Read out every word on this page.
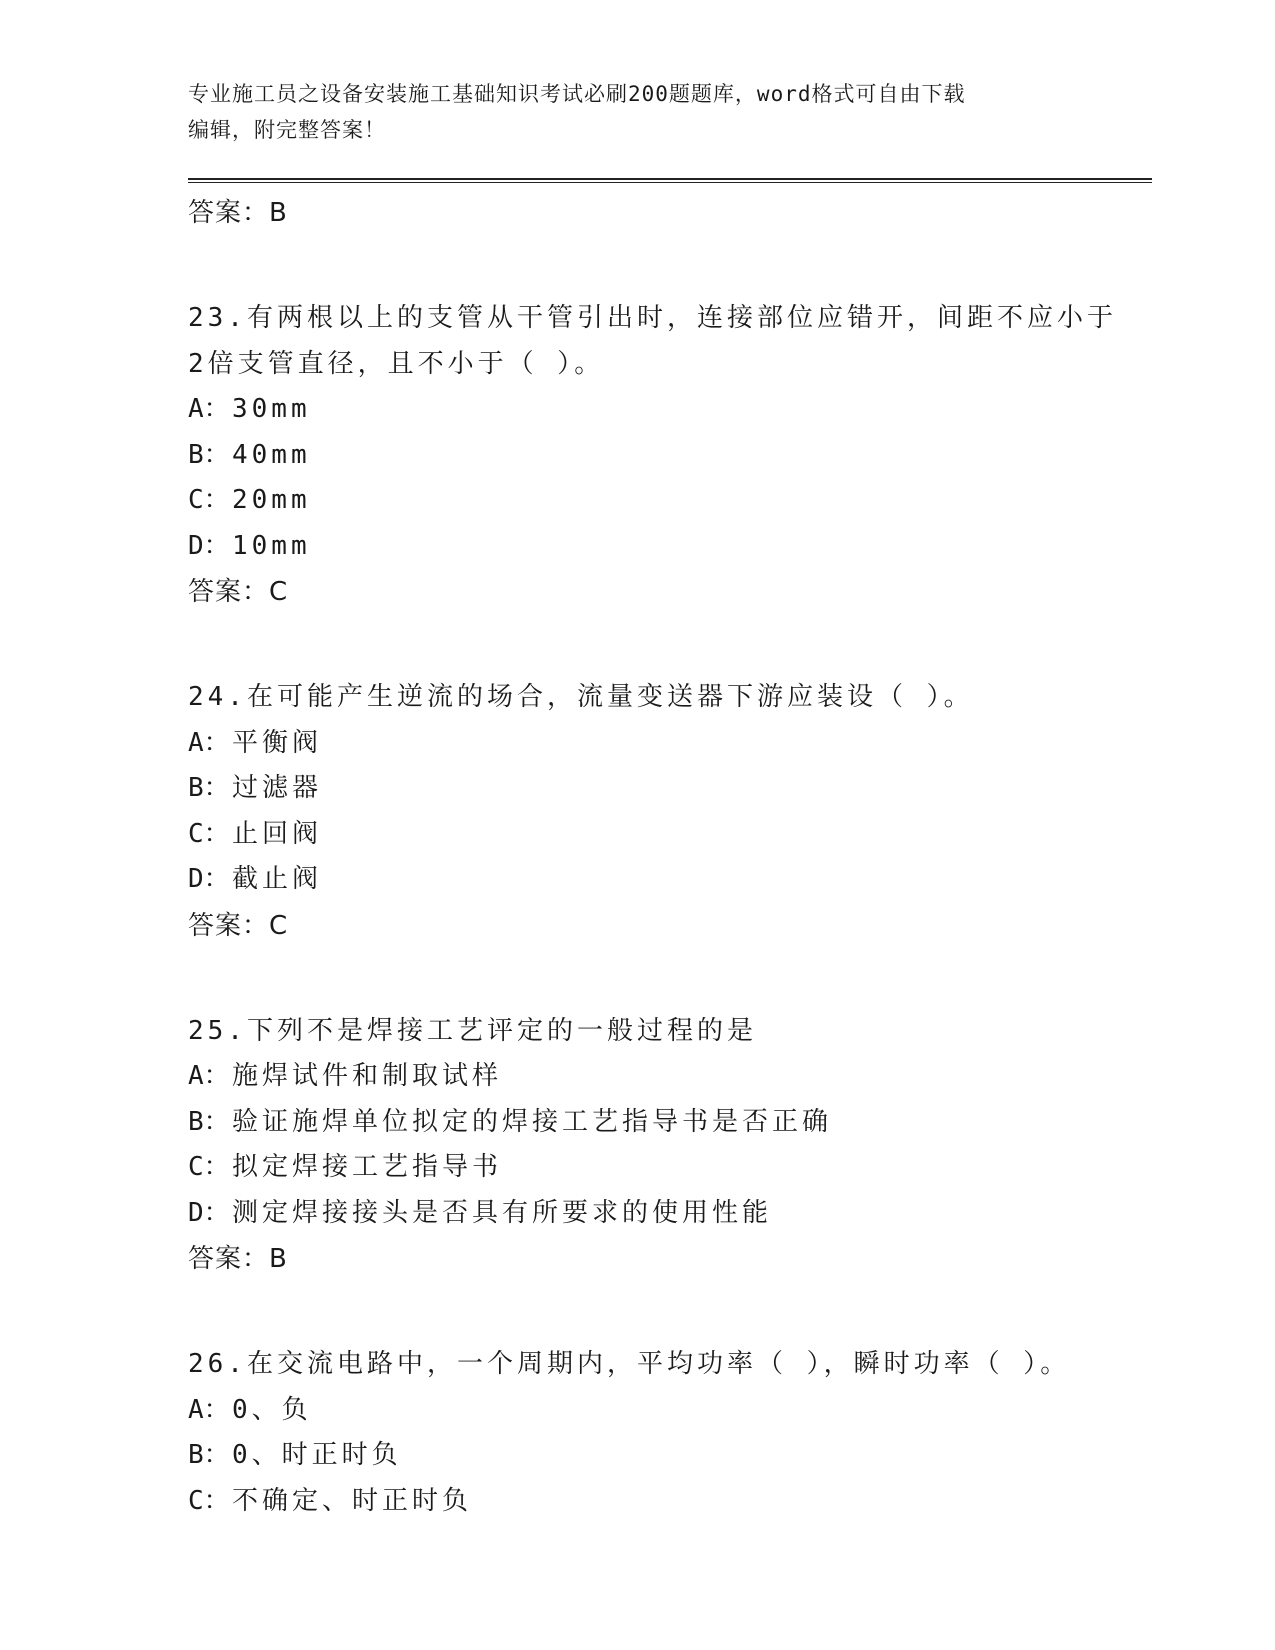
专业施工员之设备安装施工基础知识考试必刷200题题库，word格式可自由下载
编辑，附完整答案！
答案：B
23.有两根以上的支管从干管引出时，连接部位应错开，间距不应小于
2倍支管直径，且不小于（ ）。
A：30mm
B：40mm
C：20mm
D：10mm
答案：C
24.在可能产生逆流的场合，流量变送器下游应装设（ ）。
A：平衡阀
B：过滤器
C：止回阀
D：截止阀
答案：C
25.下列不是焊接工艺评定的一般过程的是
A：施焊试件和制取试样
B：验证施焊单位拟定的焊接工艺指导书是否正确
C：拟定焊接工艺指导书
D：测定焊接接头是否具有所要求的使用性能
答案：B
26.在交流电路中，一个周期内，平均功率（ ），瞬时功率（ ）。
A：0、负
B：0、时正时负
C：不确定、时正时负
